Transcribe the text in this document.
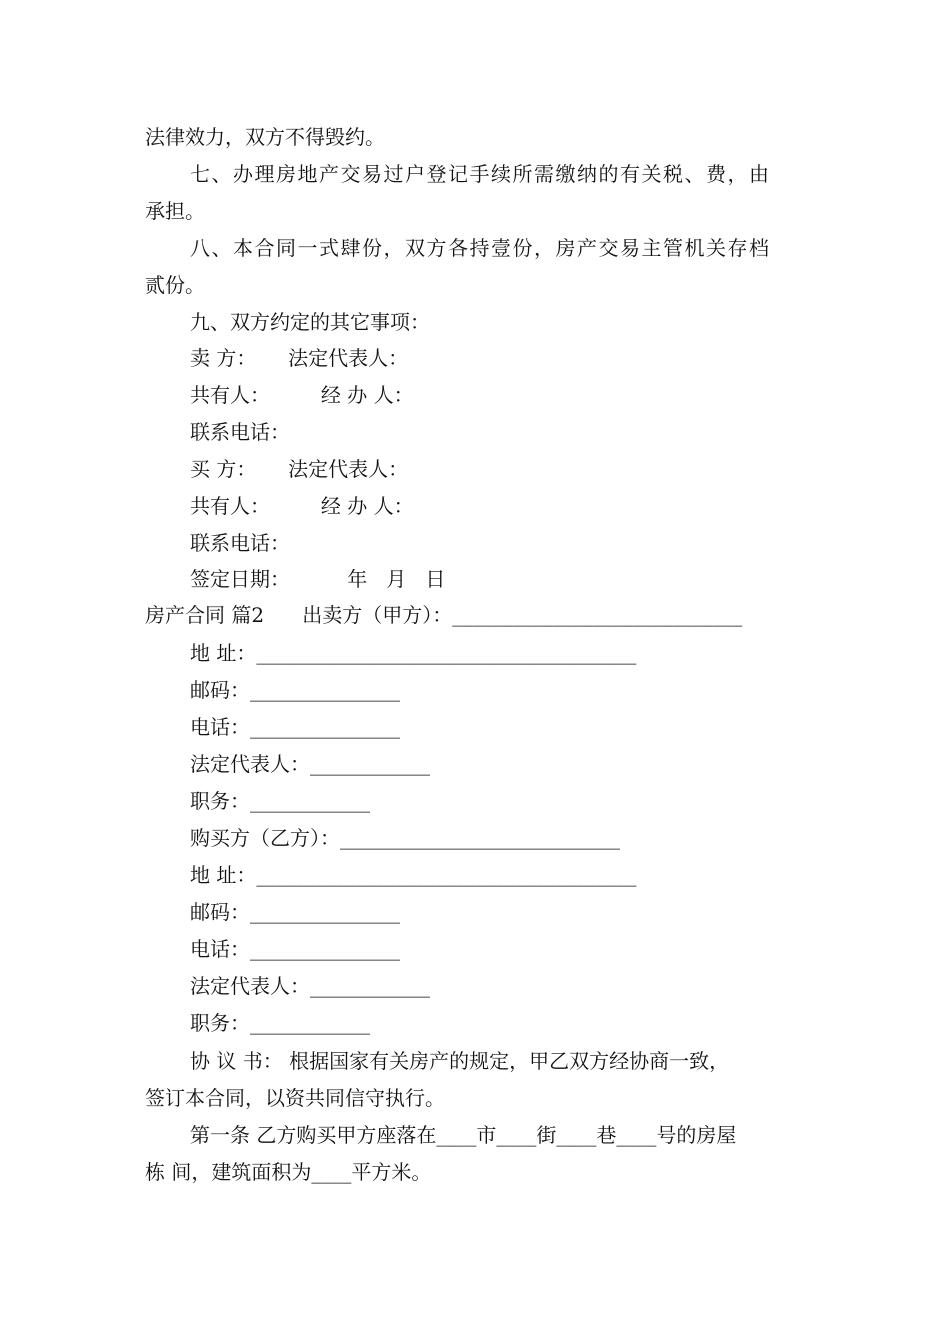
法律效力，双方不得毁约。
七、办理房地产交易过户登记手续所需缴纳的有关税、费，由
承担。
八、本合同一式肆份，双方各持壹份，房产交易主管机关存档
贰份。
九、双方约定的其它事项：
卖 方：     法定代表人：
共有人：        经 办 人：
联系电话：
买 方：     法定代表人：
共有人：        经 办 人：
联系电话：
签定日期：         年   月   日
房产合同 篇2      出卖方（甲方）：_____________________________
地 址：______________________________________
邮码：_______________
电话：_______________
法定代表人：____________
职务：____________
购买方（乙方）：____________________________
地 址：______________________________________
邮码：_______________
电话：_______________
法定代表人：____________
职务：____________
协 议 书： 根据国家有关房产的规定，甲乙双方经协商一致，
签订本合同，以资共同信守执行。
第一条 乙方购买甲方座落在____市____街____巷____号的房屋
栋 间，建筑面积为____平方米。
